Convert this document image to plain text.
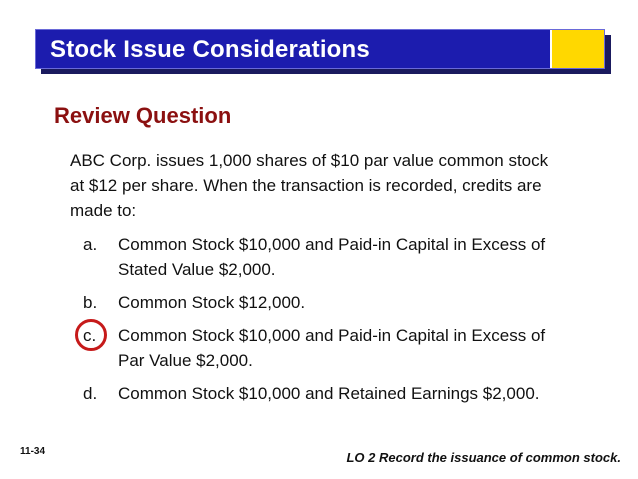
Stock Issue Considerations
Review Question
ABC Corp. issues 1,000 shares of $10 par value common stock
at $12 per share. When the transaction is recorded, credits are
made to:
a. Common Stock $10,000 and Paid-in Capital in Excess of
Stated Value $2,000.
b. Common Stock $12,000.
c. Common Stock $10,000 and Paid-in Capital in Excess of
Par Value $2,000.
d. Common Stock $10,000 and Retained Earnings $2,000.
11-34	LO 2 Record the issuance of common stock.
